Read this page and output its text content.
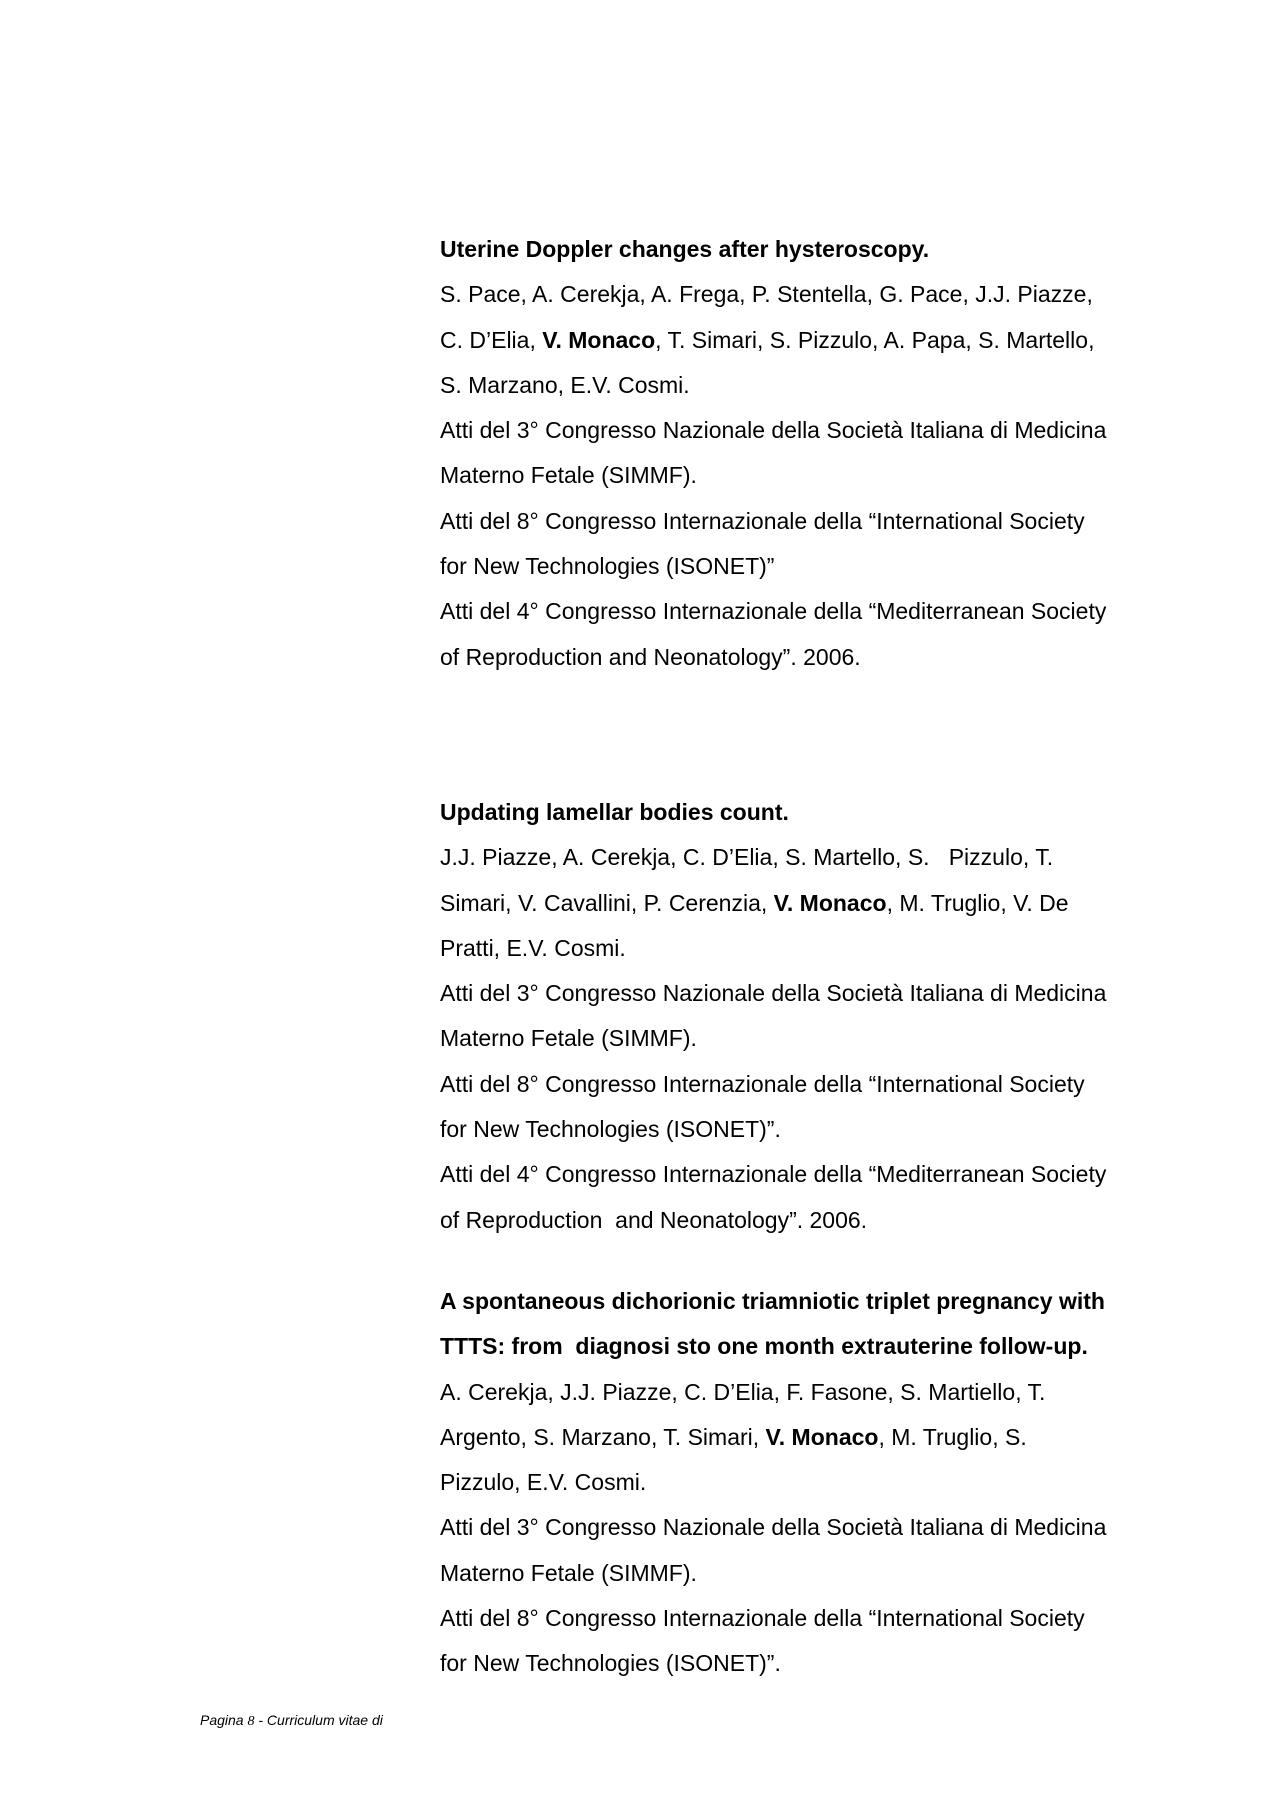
Uterine Doppler changes after hysteroscopy.

S. Pace, A. Cerekja, A. Frega, P. Stentella, G. Pace, J.J. Piazze,

C. D’Elia, V. Monaco, T. Simari, S. Pizzulo, A. Papa, S. Martello,

S. Marzano, E.V. Cosmi.

Atti del 3° Congresso Nazionale della Società Italiana di Medicina

Materno Fetale (SIMMF).

Atti del 8° Congresso Internazionale della “International Society

for New Technologies (ISONET)”

Atti del 4° Congresso Internazionale della “Mediterranean Society

of Reproduction and Neonatology”. 2006.

Updating lamellar bodies count.

J.J. Piazze, A. Cerekja, C. D’Elia, S. Martello, S.   Pizzulo, T.

Simari, V. Cavallini, P. Cerenzia, V. Monaco, M. Truglio, V. De

Pratti, E.V. Cosmi.

Atti del 3° Congresso Nazionale della Società Italiana di Medicina

Materno Fetale (SIMMF).

Atti del 8° Congresso Internazionale della “International Society

for New Technologies (ISONET)”.

Atti del 4° Congresso Internazionale della “Mediterranean Society

of Reproduction  and Neonatology”. 2006.

A spontaneous dichorionic triamniotic triplet pregnancy with

TTTS: from  diagnosi sto one month extrauterine follow-up.

A. Cerekja, J.J. Piazze, C. D’Elia, F. Fasone, S. Martiello, T.

Argento, S. Marzano, T. Simari, V. Monaco, M. Truglio, S.

Pizzulo, E.V. Cosmi.

Atti del 3° Congresso Nazionale della Società Italiana di Medicina

Materno Fetale (SIMMF).

Atti del 8° Congresso Internazionale della “International Society

for New Technologies (ISONET)”.

Pagina 8 - Curriculum vitae di
